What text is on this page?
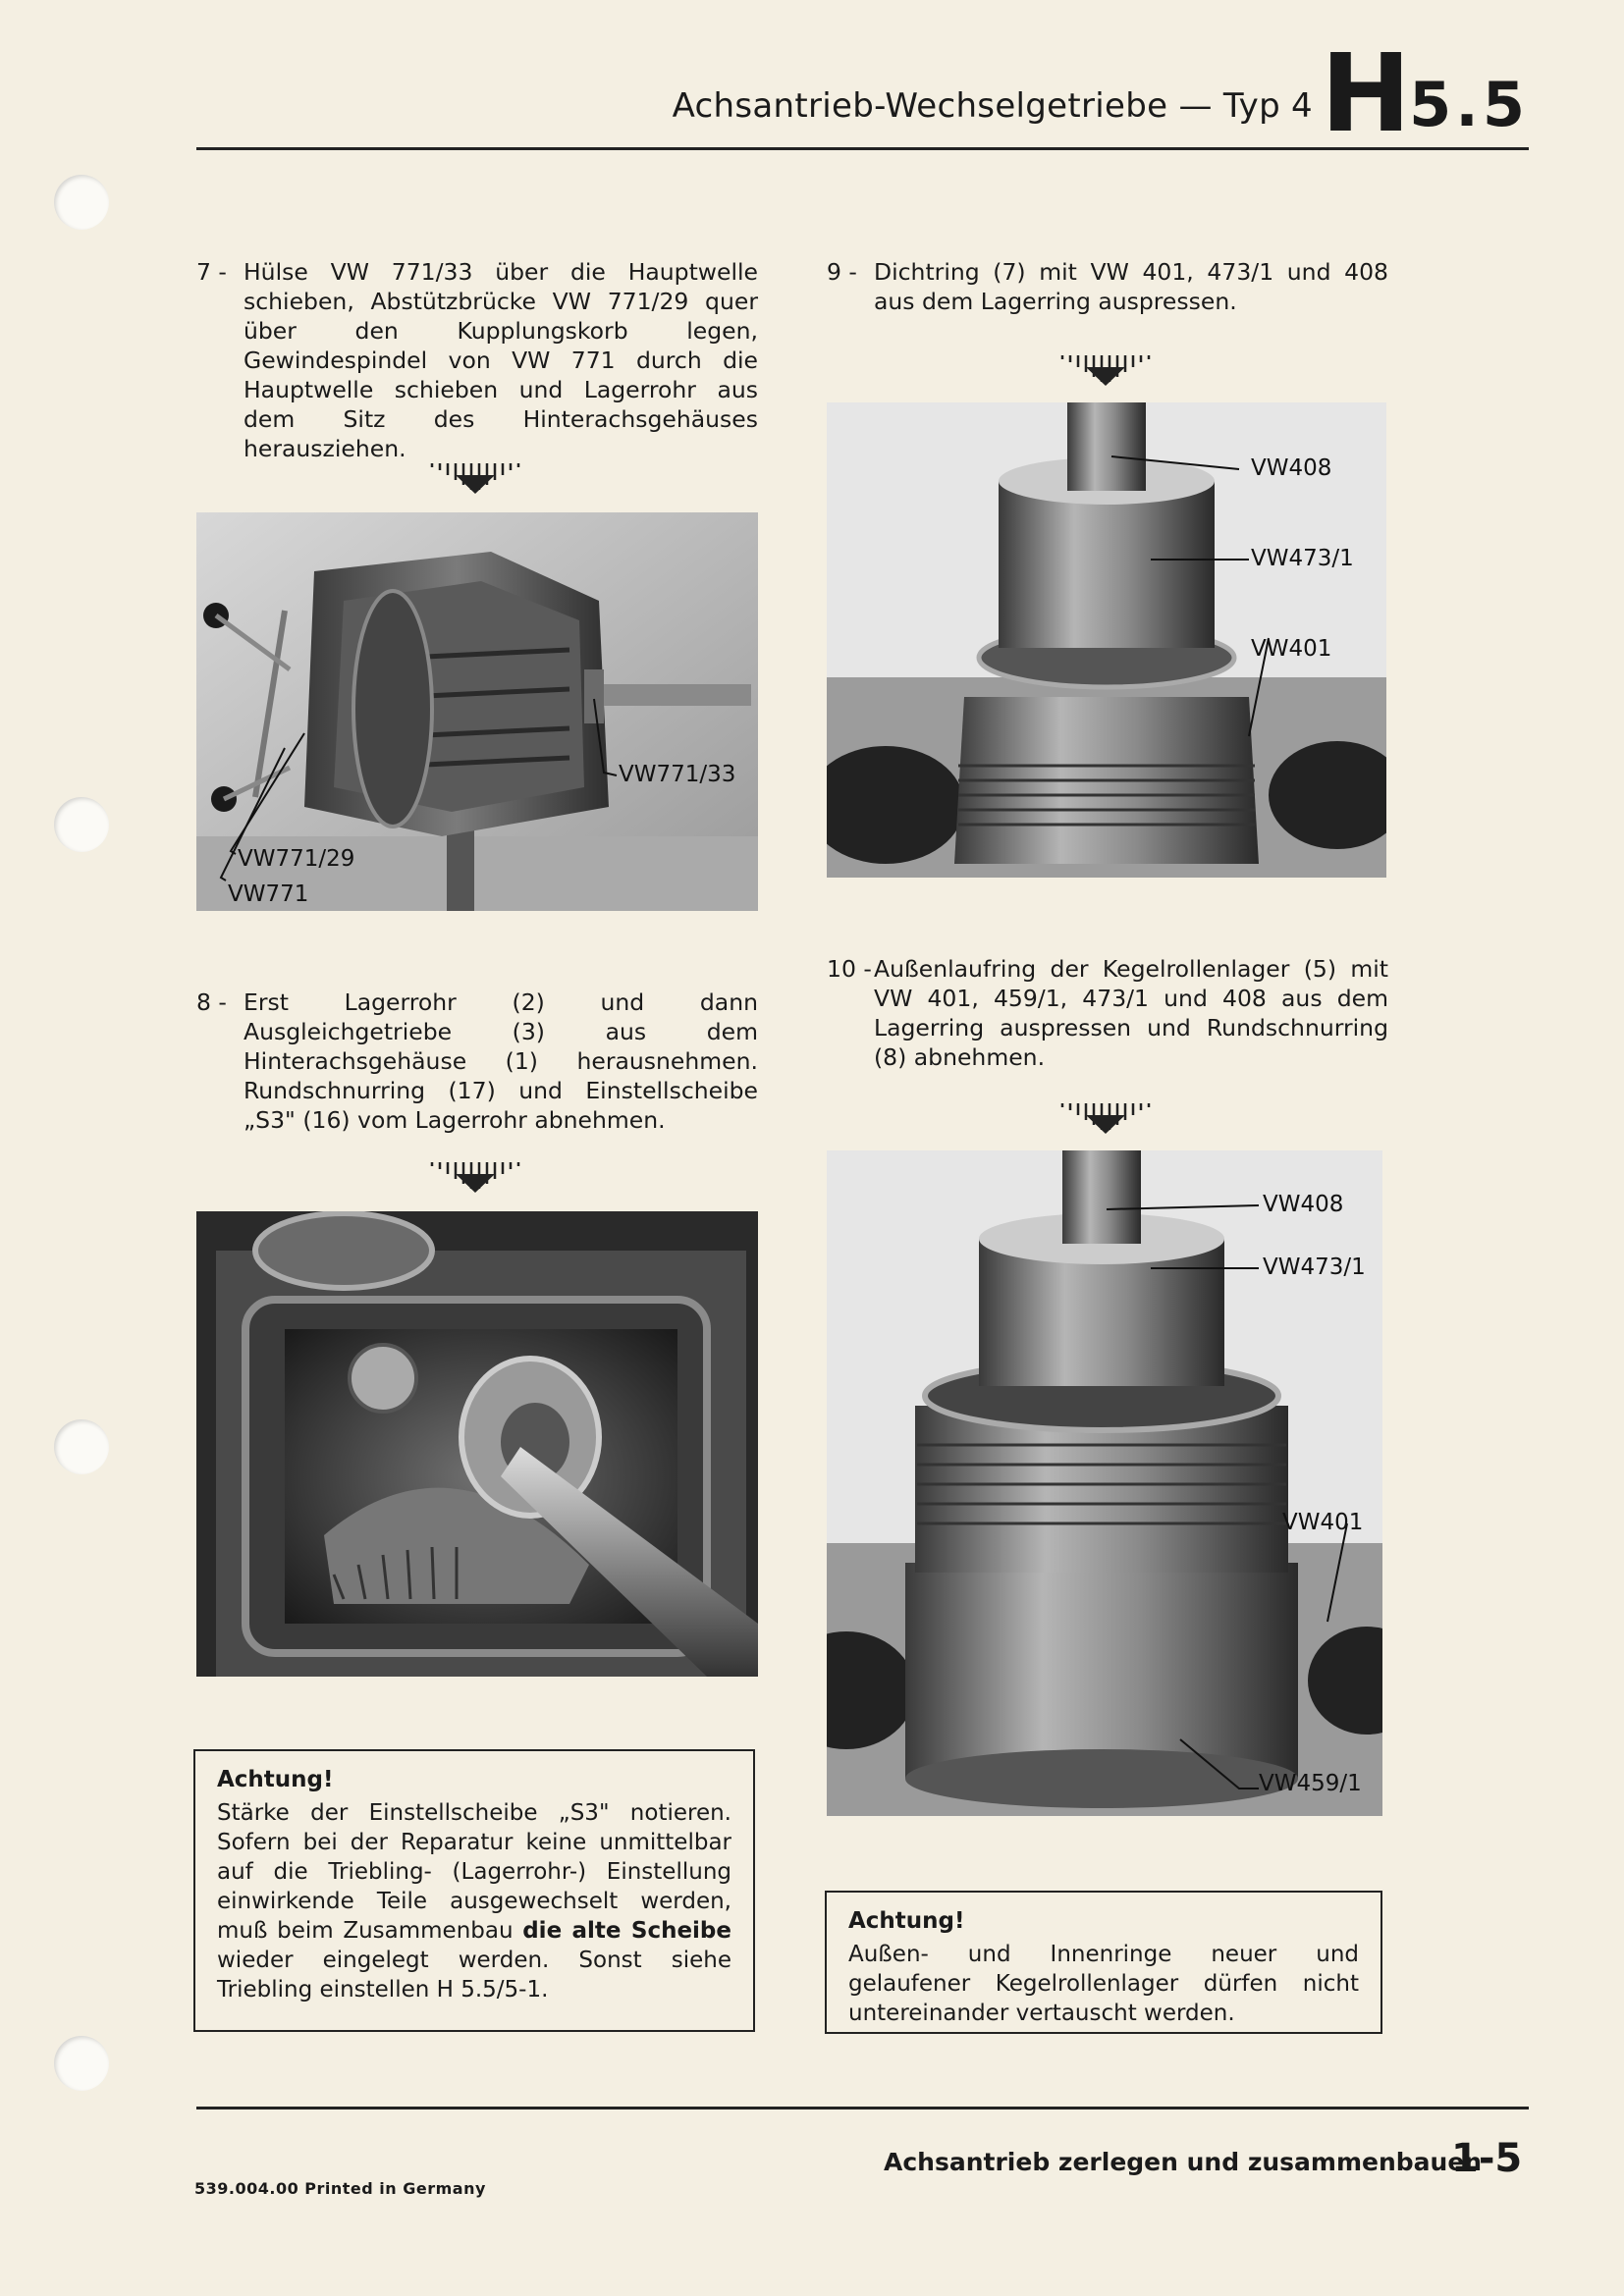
Achsantrieb-Wechselgetriebe — Typ 4 H
5.5
7 - Hülse VW 771/33 über die Hauptwelle schieben, Abstützbrücke VW 771/29 quer über den Kupplungskorb legen, Gewindespindel von VW 771 durch die Hauptwelle schieben und Lagerrohr aus dem Sitz des Hinterachsgehäuses herausziehen.
VW771/33
VW771/29
VW771
8 - Erst Lagerrohr (2) und dann Ausgleichgetriebe (3) aus dem Hinterachsgehäuse (1) herausnehmen. Rundschnurring (17) und Einstellscheibe „S3" (16) vom Lagerrohr abnehmen.
Achtung!
Stärke der Einstellscheibe „S3" notieren. Sofern bei der Reparatur keine unmittelbar auf die Triebling- (Lagerrohr-) Einstellung einwirkende Teile ausgewechselt werden, muß beim Zusammenbau die alte Scheibe wieder eingelegt werden. Sonst siehe Triebling einstellen H 5.5/5-1.
9 - Dichtring (7) mit VW 401, 473/1 und 408 aus dem Lagerring auspressen.
VW408
VW473/1
VW401
10 - Außenlaufring der Kegelrollenlager (5) mit VW 401, 459/1, 473/1 und 408 aus dem Lagerring auspressen und Rundschnurring (8) abnehmen.
VW408
VW473/1
VW401
VW459/1
Achtung!
Außen- und Innenringe neuer und gelaufener Kegelrollenlager dürfen nicht untereinander vertauscht werden.
539.004.00 Printed in Germany
Achsantrieb zerlegen und zusammenbauen
1-5
